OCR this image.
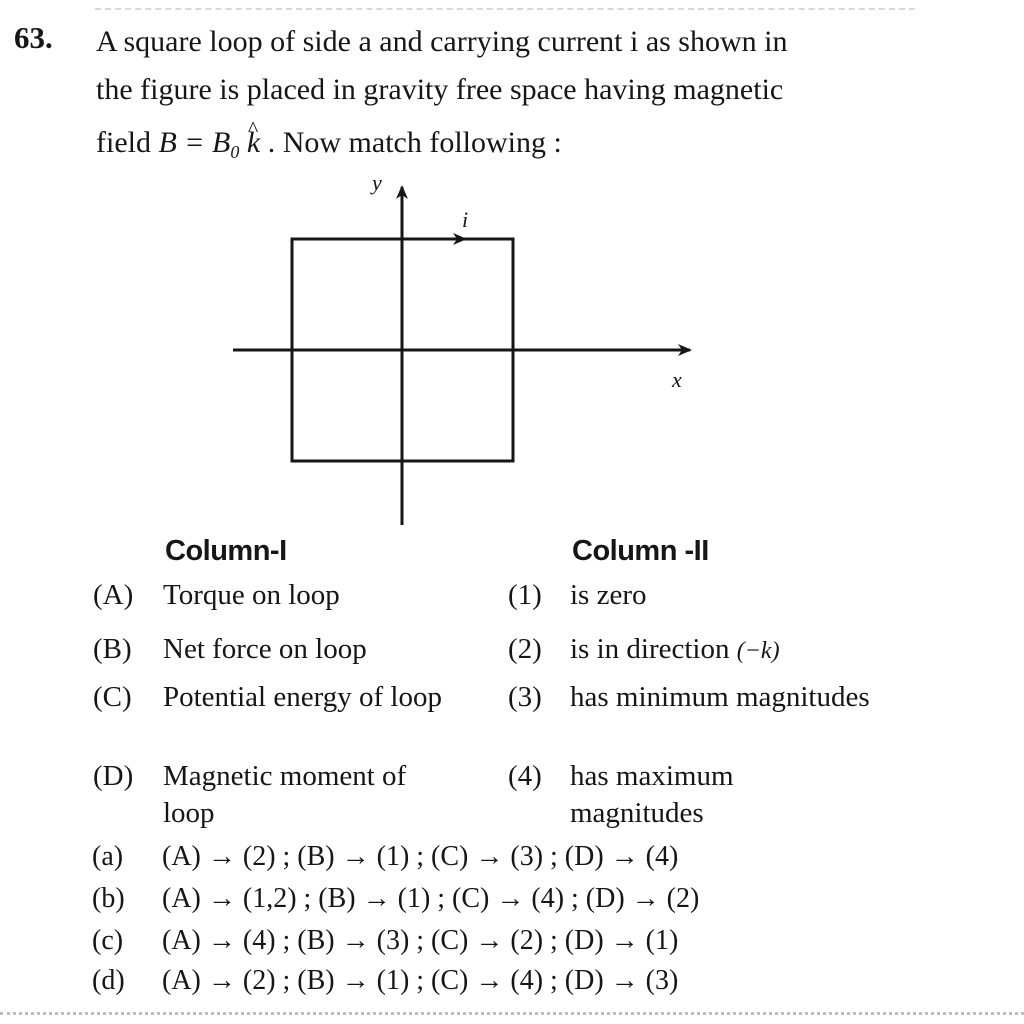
63. A square loop of side a and carrying current i as shown in
the figure is placed in gravity free space having magnetic
field $B = B_0$ ^ k . Now match following :
y
x
i
Column-I	Column -II
(A) Torque on loop
(B) Net force on loop
(C) Potential energy of loop
(D) Magnetic moment of loop
(1) is zero
(2) is in direction (−k)
(3) has minimum magnitudes
(4) has maximum magnitudes
(a) (A) → (2) ; (B) → (1) ; (C) → (3) ; (D) → (4)
(b) (A) → (1,2) ; (B) → (1) ; (C) → (4) ; (D) → (2)
(c) (A) → (4) ; (B) → (3) ; (C) → (2) ; (D) → (1)
(d) (A) → (2) ; (B) → (1) ; (C) → (4) ; (D) → (3)
